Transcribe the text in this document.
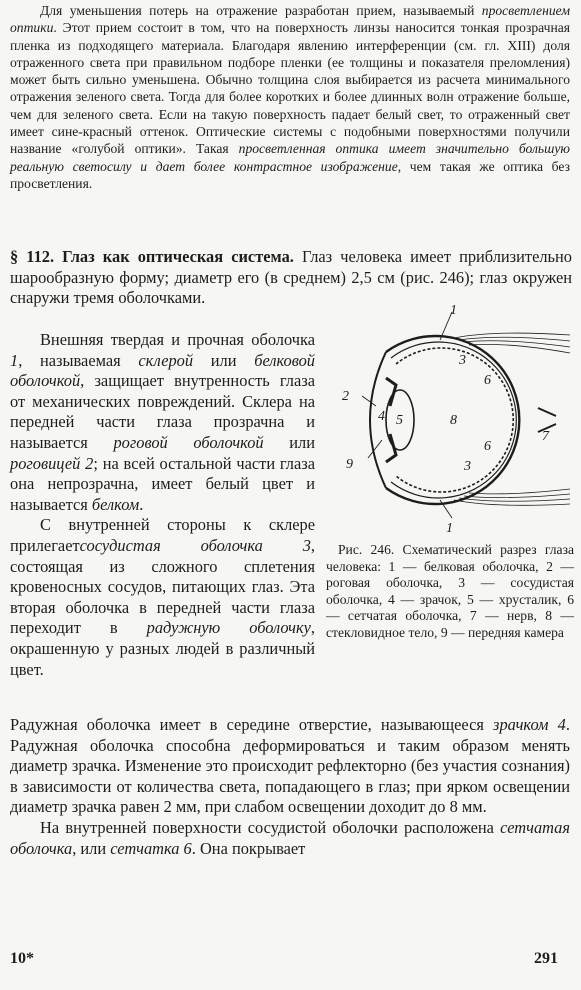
Для уменьшения потерь на отражение разработан прием, называемый просветлением оптики. Этот прием состоит в том, что на поверхность линзы наносится тонкая прозрачная пленка из подходящего материала. Благодаря явлению интерференции (см. гл. XIII) доля отраженного света при правильном подборе пленки (ее толщины и показателя преломления) может быть сильно уменьшена. Обычно толщина слоя выбирается из расчета минимального отражения зеленого света. Тогда для более коротких и более длинных волн отражение больше, чем для зеленого света. Если на такую поверхность падает белый свет, то отраженный свет имеет сине-красный оттенок. Оптические системы с подобными поверхностями получили название «голубой оптики». Такая просветленная оптика имеет значительно большую реальную светосилу и дает более контрастное изображение, чем такая же оптика без просветления.
§ 112. Глаз как оптическая система. Глаз человека имеет приблизительно шарообразную форму; диаметр его (в среднем) 2,5 см (рис. 246); глаз окружен снаружи тремя оболочками.
1
1
2
3
3
4 5
6
6
7
8
9
Рис. 246. Схематический разрез глаза человека: 1 — белковая оболочка, 2 — роговая оболочка, 3 — сосудистая оболочка, 4 — зрачок, 5 — хрусталик, 6 — сетчатая оболочка, 7 — нерв, 8 — стекловидное тело, 9 — передняя камера
Внешняя твердая и прочная оболочка 1, называемая склерой или белковой оболочкой, защищает внутренность глаза от механических повреждений. Склера на передней части глаза прозрачна и называется роговой оболочкой или роговицей 2; на всей остальной части глаза она непрозрачна, имеет белый цвет и называется белком.
С внутренней стороны к склере прилегаетсосудистая оболочка 3, состоящая из сложного сплетения кровеносных сосудов, питающих глаз. Эта вторая оболочка в передней части глаза переходит в радужную оболочку, окрашенную у разных людей в различный цвет.
Радужная оболочка имеет в середине отверстие, называющееся зрачком 4. Радужная оболочка способна деформироваться и таким образом менять диаметр зрачка. Изменение это происходит рефлекторно (без участия сознания) в зависимости от количества света, попадающего в глаз; при ярком освещении диаметр зрачка равен 2 мм, при слабом освещении доходит до 8 мм.
На внутренней поверхности сосудистой оболочки расположена сетчатая оболочка, или сетчатка 6. Она покрывает
10*	291
